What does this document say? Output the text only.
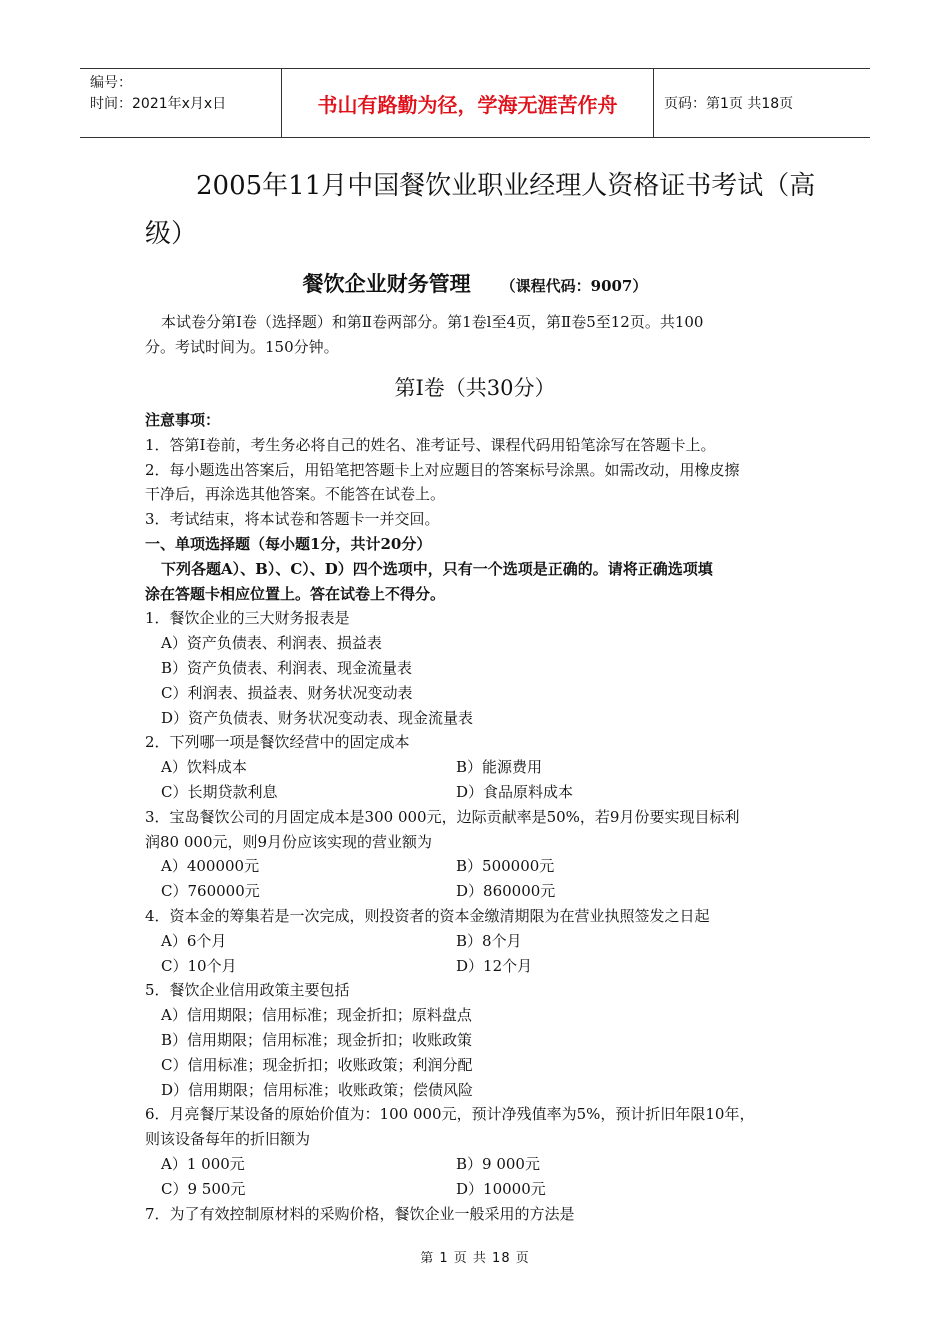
编号：
时间：2021年x月x日	书山有路勤为径，学海无涯苦作舟	页码：第1页 共18页
2005年11月中国餐饮业职业经理人资格证书考试（高
级）
餐饮企业财务管理 （课程代码：9007）
本试卷分第Ⅰ卷（选择题）和第Ⅱ卷两部分。第1卷l至4页，第Ⅱ卷5至12页。共100
分。考试时间为。150分钟。
第Ⅰ卷（共30分）

注意事项：

1．答第Ⅰ卷前，考生务必将自己的姓名、准考证号、课程代码用铅笔涂写在答题卡上。

2．每小题选出答案后，用铅笔把答题卡上对应题目的答案标号涂黑。如需改动，用橡皮擦

干净后，再涂选其他答案。不能答在试卷上。

3．考试结束，将本试卷和答题卡一并交回。

一、单项选择题（每小题1分，共计20分）

下列各题A）、B）、C）、D）四个选项中，只有一个选项是正确的。请将正确选项填

涂在答题卡相应位置上。答在试卷上不得分。

1．餐饮企业的三大财务报表是

A）资产负债表、利润表、损益表

B）资产负债表、利润表、现金流量表

C）利润表、损益表、财务状况变动表

D）资产负债表、财务状况变动表、现金流量表

2．下列哪一项是餐饮经营中的固定成本

A）饮料成本	B）能源费用

C）长期贷款利息	D）食品原料成本

3．宝岛餐饮公司的月固定成本是300 000元，边际贡献率是50%，若9月份要实现目标利

润80 000元，则9月份应该实现的营业额为

A）400000元	B）500000元

C）760000元	D）860000元

4．资本金的筹集若是一次完成，则投资者的资本金缴清期限为在营业执照签发之日起

A）6个月	B）8个月

C）10个月	D）12个月

5．餐饮企业信用政策主要包括

A）信用期限；信用标准；现金折扣；原料盘点

B）信用期限；信用标准；现金折扣；收账政策

C）信用标准；现金折扣；收账政策；利润分配

D）信用期限；信用标准；收账政策；偿债风险

6．月亮餐厅某设备的原始价值为：100 000元，预计净残值率为5%，预计折旧年限10年，

则该设备每年的折旧额为

A）1 000元	B）9 000元

C）9 500元	D）10000元

7．为了有效控制原材料的采购价格，餐饮企业一般采用的方法是

第 1 页 共 18 页
